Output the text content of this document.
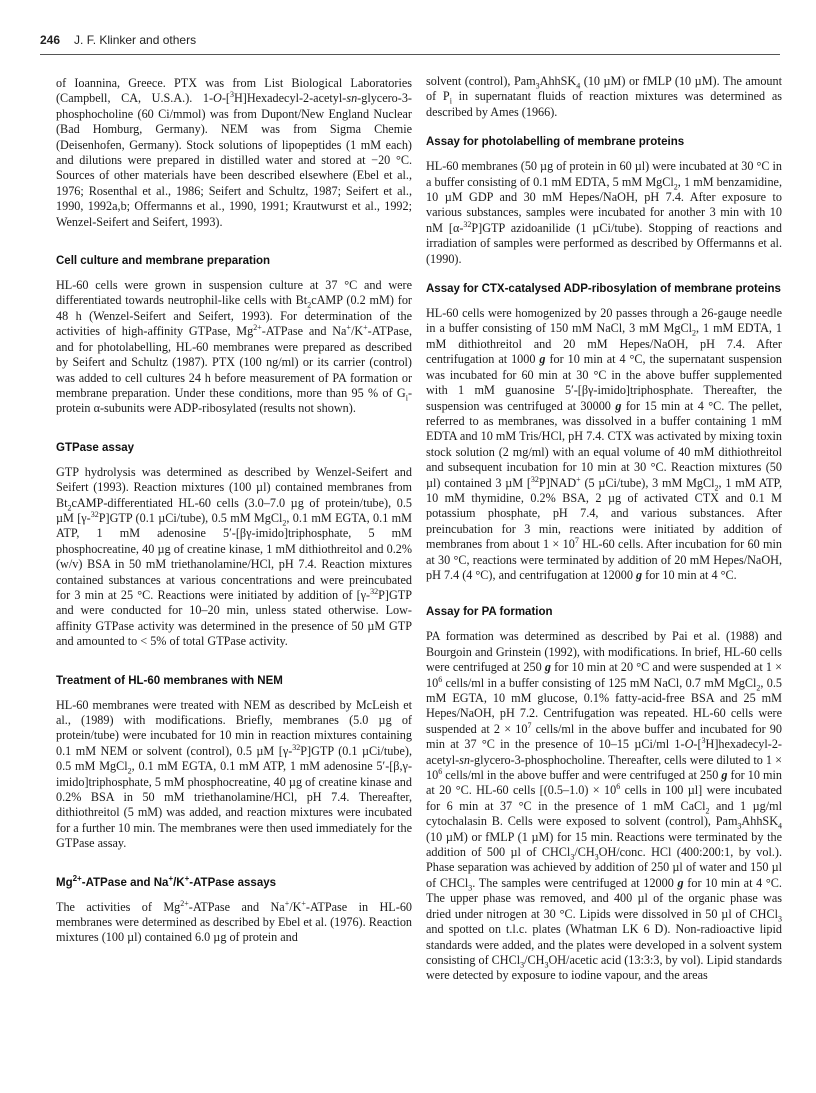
246 J. F. Klinker and others

of Ioannina, Greece. PTX was from List Biological Laboratories (Campbell, CA, U.S.A.). 1-O-[$^3$H]Hexadecyl-2-acetyl-sn-glycero-3-phosphocholine (60 Ci/mmol) was from Dupont/New England Nuclear (Bad Homburg, Germany). NEM was from Sigma Chemie (Deisenhofen, Germany). Stock solutions of lipopeptides (1 mM each) and dilutions were prepared in distilled water and stored at −20 °C. Sources of other materials have been described elsewhere (Ebel et al., 1976; Rosenthal et al., 1986; Seifert and Schultz, 1987; Seifert et al., 1990, 1992a,b; Offermanns et al., 1990, 1991; Krautwurst et al., 1992; Wenzel-Seifert and Seifert, 1993).

Cell culture and membrane preparation

HL-60 cells were grown in suspension culture at 37 °C and were differentiated towards neutrophil-like cells with $Bt_2cAMP$ (0.2 mM) for 48 h (Wenzel-Seifert and Seifert, 1993). For determination of the activities of high-affinity GTPase, $Mg^{2+}$-ATPase and Na+/K+-ATPase, and for photolabelling, HL-60 membranes were prepared as described by Seifert and Schultz (1987). PTX (100 ng/ml) or its carrier (control) was added to cell cultures 24 h before measurement of PA formation or membrane preparation. Under these conditions, more than 95 % of $G_i$-protein α-subunits were ADP-ribosylated (results not shown).

GTPase assay

GTP hydrolysis was determined as described by Wenzel-Seifert and Seifert (1993). Reaction mixtures (100 µl) contained membranes from $Bt_2cAMP$-differentiated HL-60 cells (3.0–7.0 µg of protein/tube), 0.5 µM [γ-$^{32}$P]GTP (0.1 µCi/tube), 0.5 mM MgCl$_2$, 0.1 mM EGTA, 0.1 mM ATP, 1 mM adenosine 5′-[βγ-imido]triphosphate, 5 mM phosphocreatine, 40 µg of creatine kinase, 1 mM dithiothreitol and 0.2% (w/v) BSA in 50 mM triethanolamine/HCl, pH 7.4. Reaction mixtures contained substances at various concentrations and were preincubated for 3 min at 25 °C. Reactions were initiated by addition of [γ-$^{32}$P]GTP and were conducted for 10–20 min, unless stated otherwise. Low-affinity GTPase activity was determined in the presence of 50 µM GTP and amounted to < 5% of total GTPase activity.

Treatment of HL-60 membranes with NEM

HL-60 membranes were treated with NEM as described by McLeish et al., (1989) with modifications. Briefly, membranes (5.0 µg of protein/tube) were incubated for 10 min in reaction mixtures containing 0.1 mM NEM or solvent (control), 0.5 µM [γ-$^{32}$P]GTP (0.1 µCi/tube), 0.5 mM MgCl$_2$, 0.1 mM EGTA, 0.1 mM ATP, 1 mM adenosine 5′-[β,γ-imido]triphosphate, 5 mM phosphocreatine, 40 µg of creatine kinase and 0.2% BSA in 50 mM triethanolamine/HCl, pH 7.4. Thereafter, dithiothreitol (5 mM) was added, and reaction mixtures were incubated for a further 10 min. The membranes were then used immediately for the GTPase assay.

$Mg^{2+}$-ATPase and Na+/K+-ATPase assays

The activities of $Mg^{2+}$-ATPase and Na+/K+-ATPase in HL-60 membranes were determined as described by Ebel et al. (1976). Reaction mixtures (100 µl) contained 6.0 µg of protein and

solvent (control), Pam$_3$AhhSK$_4$ (10 µM) or fMLP (10 µM). The amount of $P_i$ in supernatant fluids of reaction mixtures was determined as described by Ames (1966).

Assay for photolabelling of membrane proteins

HL-60 membranes (50 µg of protein in 60 µl) were incubated at 30 °C in a buffer consisting of 0.1 mM EDTA, 5 mM MgCl$_2$, 1 mM benzamidine, 10 µM GDP and 30 mM Hepes/NaOH, pH 7.4. After exposure to various substances, samples were incubated for another 3 min with 10 nM [α-$^{32}$P]GTP azidoanilide (1 µCi/tube). Stopping of reactions and irradiation of samples were performed as described by Offermanns et al. (1990).

Assay for CTX-catalysed ADP-ribosylation of membrane proteins

HL-60 cells were homogenized by 20 passes through a 26-gauge needle in a buffer consisting of 150 mM NaCl, 3 mM MgCl$_2$, 1 mM EDTA, 1 mM dithiothreitol and 20 mM Hepes/NaOH, pH 7.4. After centrifugation at 1000 g for 10 min at 4 °C, the supernatant suspension was incubated for 60 min at 30 °C in the above buffer supplemented with 1 mM guanosine 5′-[βγ-imido]triphosphate. Thereafter, the suspension was centrifuged at 30000 g for 15 min at 4 °C. The pellet, referred to as membranes, was dissolved in a buffer containing 1 mM EDTA and 10 mM Tris/HCl, pH 7.4. CTX was activated by mixing toxin stock solution (2 mg/ml) with an equal volume of 40 mM dithiothreitol and subsequent incubation for 10 min at 30 °C. Reaction mixtures (50 µl) contained 3 µM [$^{32}$P]NAD+ (5 µCi/tube), 3 mM MgCl$_2$, 1 mM ATP, 10 mM thymidine, 0.2% BSA, 2 µg of activated CTX and 0.1 M potassium phosphate, pH 7.4, and various substances. After preincubation for 3 min, reactions were initiated by addition of membranes from about $1 \times 10^7$ HL-60 cells. After incubation for 60 min at 30 °C, reactions were terminated by addition of 20 mM Hepes/NaOH, pH 7.4 (4 °C), and centrifugation at 12000 g for 10 min at 4 °C.

Assay for PA formation

PA formation was determined as described by Pai et al. (1988) and Bourgoin and Grinstein (1992), with modifications. In brief, HL-60 cells were centrifuged at 250 g for 10 min at 20 °C and were suspended at $1 \times 10^6$ cells/ml in a buffer consisting of 125 mM NaCl, 0.7 mM MgCl$_2$, 0.5 mM EGTA, 10 mM glucose, 0.1% fatty-acid-free BSA and 25 mM Hepes/NaOH, pH 7.2. Centrifugation was repeated. HL-60 cells were suspended at $2 \times 10^7$ cells/ml in the above buffer and incubated for 90 min at 37 °C in the presence of 10–15 µCi/ml 1-O-[$^3$H]hexadecyl-2-acetyl-sn-glycero-3-phosphocholine. Thereafter, cells were diluted to $1 \times 10^6$ cells/ml in the above buffer and were centrifuged at 250 g for 10 min at 20 °C. HL-60 cells [$(0.5-1.0) \times 10^6$ cells in 100 µl] were incubated for 6 min at 37 °C in the presence of 1 mM CaCl$_2$ and 1 µg/ml cytochalasin B. Cells were exposed to solvent (control), Pam$_3$AhhSK$_4$ (10 µM) or fMLP (1 µM) for 15 min. Reactions were terminated by the addition of 500 µl of $CHCl_3/CH_3OH$/conc. HCl (400:200:1, by vol.). Phase separation was achieved by addition of 250 µl of water and 150 µl of CHCl$_3$. The samples were centrifuged at 12000 g for 10 min at 4 °C. The upper phase was removed, and 400 µl of the organic phase was dried under nitrogen at 30 °C. Lipids were dissolved in 50 µl of CHCl$_3$ and spotted on t.l.c. plates (Whatman LK 6 D). Non-radioactive lipid standards were added, and the plates were developed in a solvent system consisting of $CHCl_3/CH_3OH$/acetic acid (13:3:3, by vol). Lipid standards were detected by exposure to iodine vapour, and the areas
